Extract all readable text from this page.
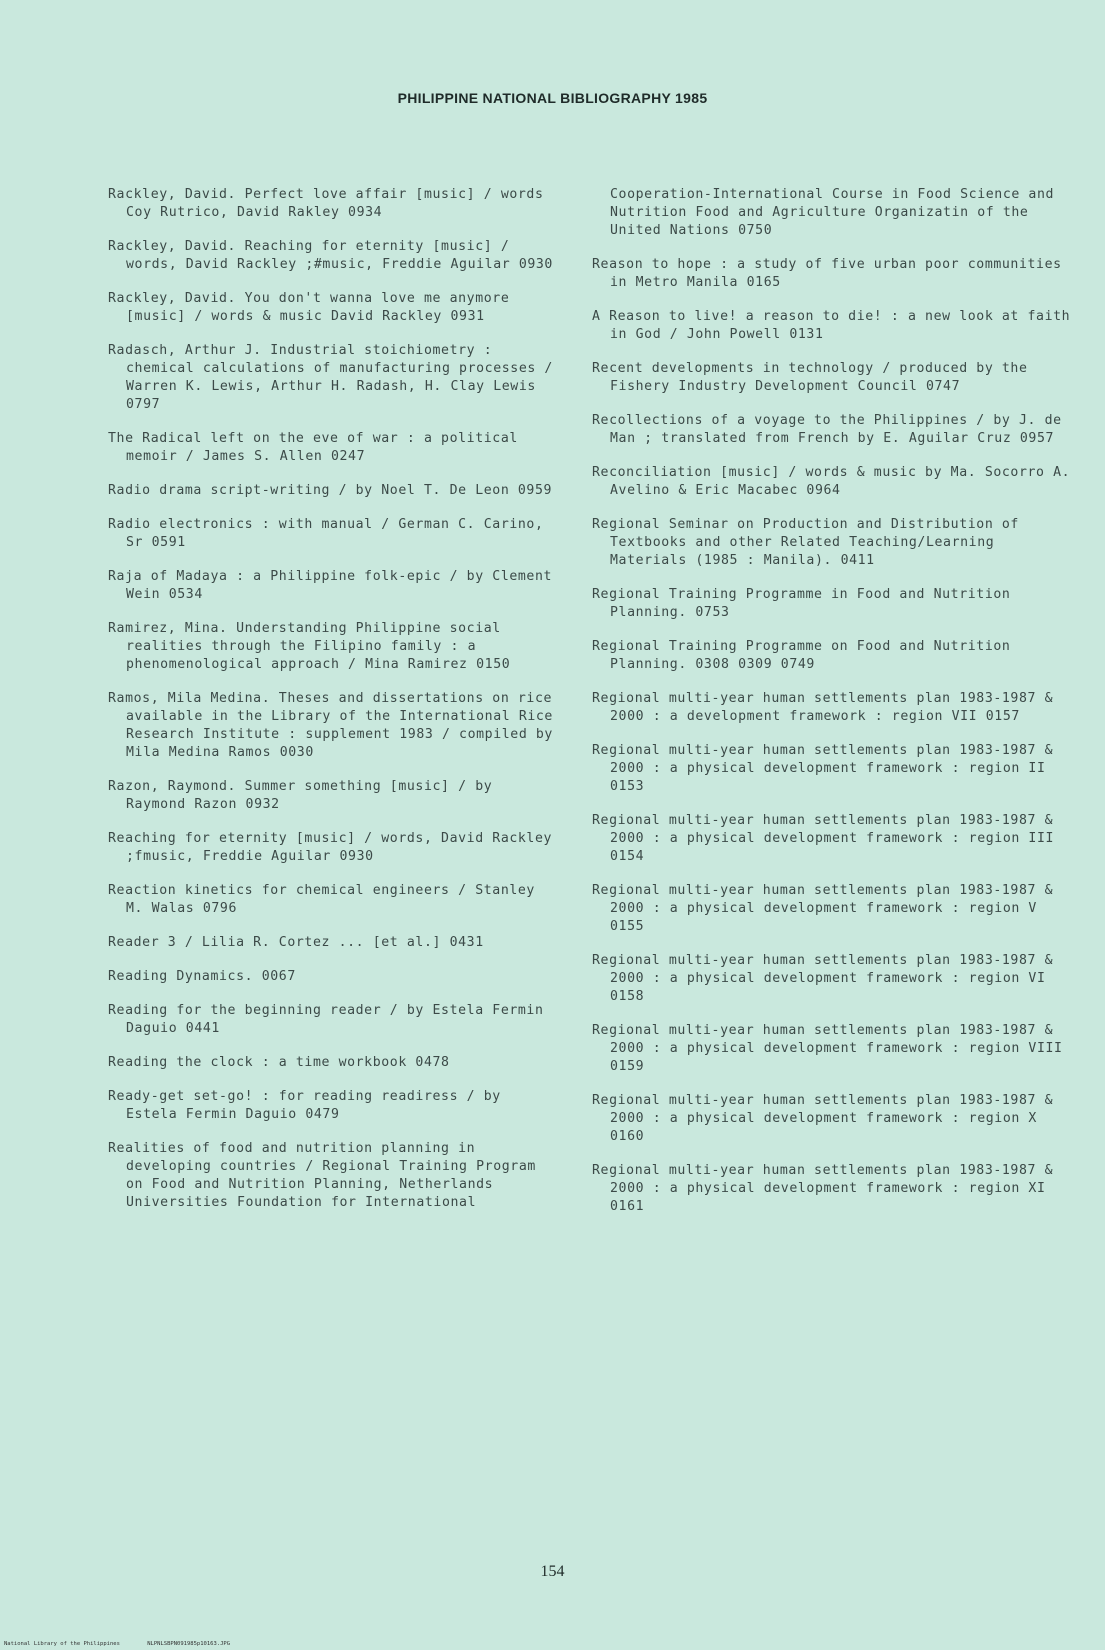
PHILIPPINE NATIONAL BIBLIOGRAPHY 1985

Rackley, David. Perfect love affair [music] / words Coy Rutrico, David Rakley 0934

Rackley, David. Reaching for eternity [music] / words, David Rackley ;#music, Freddie Aguilar 0930

Rackley, David. You don't wanna love me anymore [music] / words & music David Rackley 0931

Radasch, Arthur J. Industrial stoichiometry : chemical calculations of manufacturing processes / Warren K. Lewis, Arthur H. Radash, H. Clay Lewis 0797

The Radical left on the eve of war : a political memoir / James S. Allen 0247

Radio drama script-writing / by Noel T. De Leon 0959

Radio electronics : with manual / German C. Carino, Sr 0591

Raja of Madaya : a Philippine folk-epic / by Clement Wein 0534

Ramirez, Mina. Understanding Philippine social realities through the Filipino family : a phenomenological approach / Mina Ramirez 0150

Ramos, Mila Medina. Theses and dissertations on rice available in the Library of the International Rice Research Institute : supplement 1983 / compiled by Mila Medina Ramos 0030

Razon, Raymond. Summer something [music] / by Raymond Razon 0932

Reaching for eternity [music] / words, David Rackley ;fmusic, Freddie Aguilar 0930

Reaction kinetics for chemical engineers / Stanley M. Walas 0796

Reader 3 / Lilia R. Cortez ... [et al.] 0431

Reading Dynamics. 0067

Reading for the beginning reader / by Estela Fermin Daguio 0441

Reading the clock : a time workbook 0478

Ready-get set-go! : for reading readiress / by Estela Fermin Daguio 0479

Realities of food and nutrition planning in developing countries / Regional Training Program on Food and Nutrition Planning, Netherlands Universities Foundation for International

Cooperation-International Course in Food Science and Nutrition Food and Agriculture Organizatin of the United Nations 0750

Reason to hope : a study of five urban poor communities in Metro Manila 0165

A Reason to live! a reason to die! : a new look at faith in God / John Powell 0131

Recent developments in technology / produced by the Fishery Industry Development Council 0747

Recollections of a voyage to the Philippines / by J. de Man ; translated from French by E. Aguilar Cruz 0957

Reconciliation [music] / words & music by Ma. Socorro A. Avelino & Eric Macabec 0964

Regional Seminar on Production and Distribution of Textbooks and other Related Teaching/Learning Materials (1985 : Manila). 0411

Regional Training Programme in Food and Nutrition Planning. 0753

Regional Training Programme on Food and Nutrition Planning. 0308 0309 0749

Regional multi-year human settlements plan 1983-1987 & 2000 : a development framework : region VII 0157

Regional multi-year human settlements plan 1983-1987 & 2000 : a physical development framework : region II 0153

Regional multi-year human settlements plan 1983-1987 & 2000 : a physical development framework : region III 0154

Regional multi-year human settlements plan 1983-1987 & 2000 : a physical development framework : region V 0155

Regional multi-year human settlements plan 1983-1987 & 2000 : a physical development framework : region VI 0158

Regional multi-year human settlements plan 1983-1987 & 2000 : a physical development framework : region VIII 0159

Regional multi-year human settlements plan 1983-1987 & 2000 : a physical development framework : region X 0160

Regional multi-year human settlements plan 1983-1987 & 2000 : a physical development framework : region XI 0161

154
National Library of the Philippines	NLPNLSBPN091985p10163.JPG
